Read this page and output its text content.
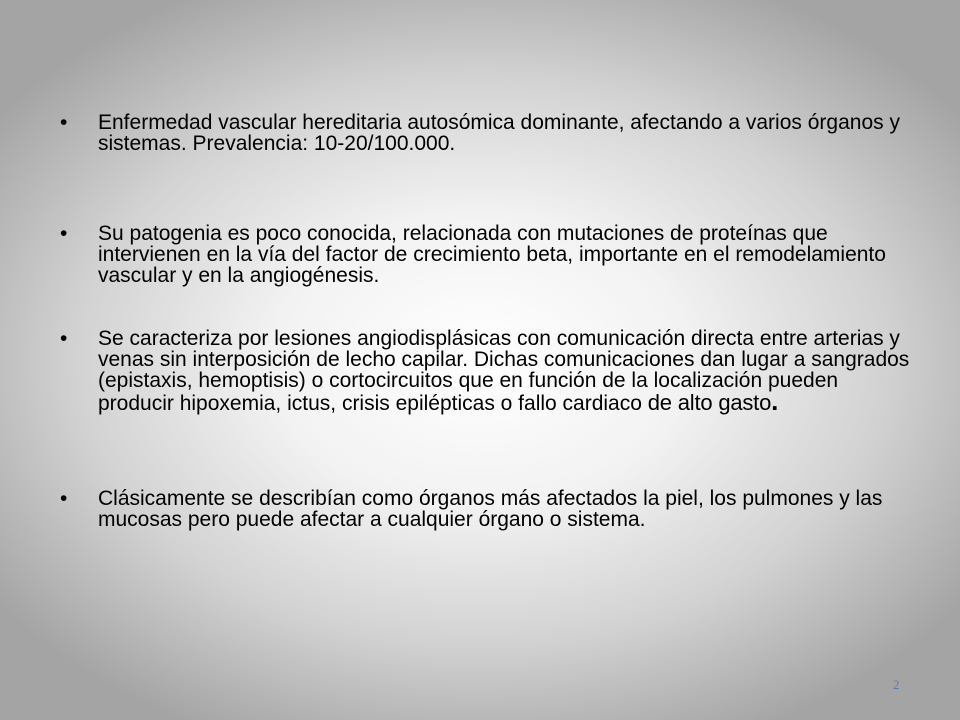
• Enfermedad vascular hereditaria autosómica dominante, afectando a varios órganos y sistemas. Prevalencia: 10-20/100.000.
• Su patogenia es poco conocida, relacionada con mutaciones de proteínas que intervienen en la vía del factor de crecimiento beta, importante en el remodelamiento vascular y en la angiogénesis.
• Se caracteriza por lesiones angiodisplásicas con comunicación directa entre arterias y venas sin interposición de lecho capilar. Dichas comunicaciones dan lugar a sangrados (epistaxis, hemoptisis) o cortocircuitos que en función de la localización pueden producir hipoxemia, ictus, crisis epilépticas o fallo cardiaco de alto gasto.
• Clásicamente se describían como órganos más afectados la piel, los pulmones y las mucosas pero puede afectar a cualquier órgano o sistema.
2
